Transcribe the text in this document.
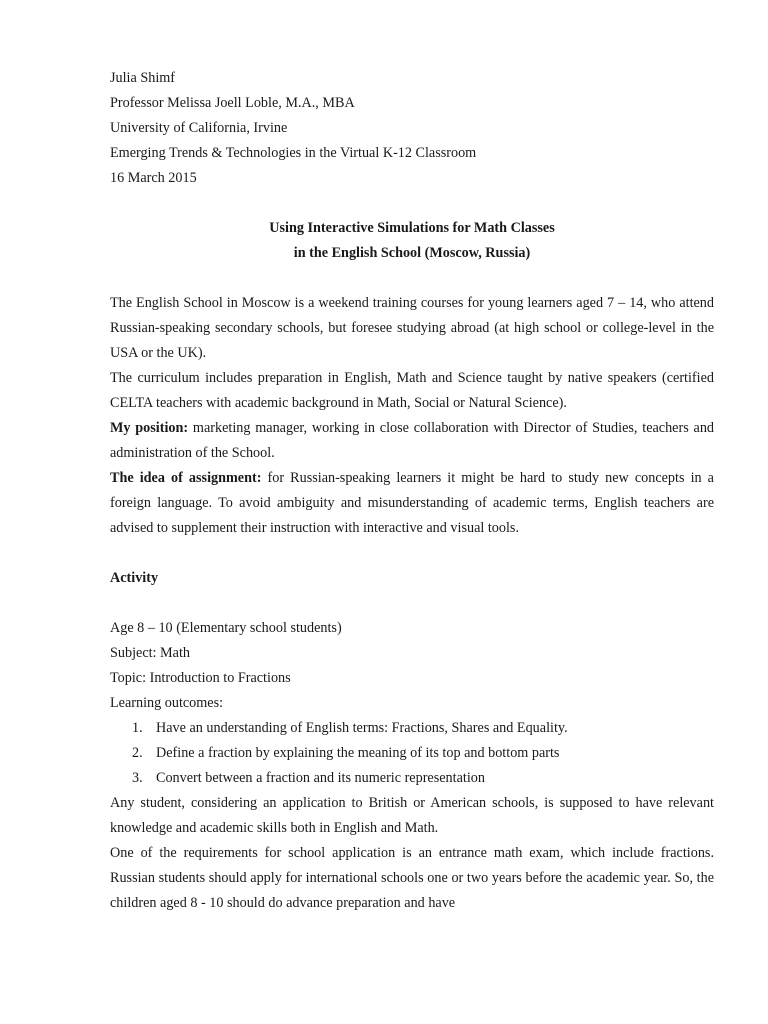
Julia Shimf
Professor Melissa Joell Loble, M.A., MBA
University of California, Irvine
Emerging Trends & Technologies in the Virtual K-12 Classroom
16 March 2015
Using Interactive Simulations for Math Classes
in the English School (Moscow, Russia)

The English School in Moscow is a weekend training courses for young learners aged 7 – 14, who attend Russian-speaking secondary schools, but foresee studying abroad (at high school or college-level in the USA or the UK).

The curriculum includes preparation in English, Math and Science taught by native speakers (certified CELTA teachers with academic background in Math, Social or Natural Science).

My position: marketing manager, working in close collaboration with Director of Studies, teachers and administration of the School.

The idea of assignment: for Russian-speaking learners it might be hard to study new concepts in a foreign language. To avoid ambiguity and misunderstanding of academic terms, English teachers are advised to supplement their instruction with interactive and visual tools.

Activity
Age 8 – 10 (Elementary school students)
Subject: Math
Topic: Introduction to Fractions
Learning outcomes:
1. Have an understanding of English terms: Fractions, Shares and Equality.
2. Define a fraction by explaining the meaning of its top and bottom parts
3. Convert between a fraction and its numeric representation

Any student, considering an application to British or American schools, is supposed to have relevant knowledge and academic skills both in English and Math.

One of the requirements for school application is an entrance math exam, which include fractions. Russian students should apply for international schools one or two years before the academic year. So, the children aged 8 - 10 should do advance preparation and have
